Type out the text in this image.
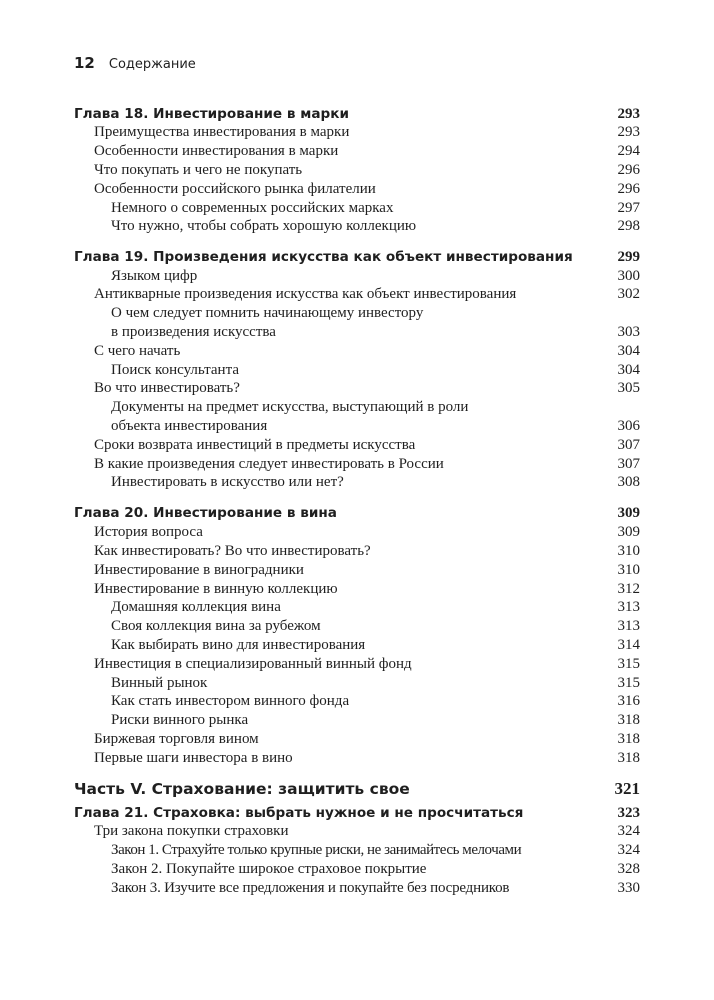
12 Содержание
Глава 18. Инвестирование в марки	293
Преимущества инвестирования в марки	293
Особенности инвестирования в марки	294
Что покупать и чего не покупать	296
Особенности российского рынка филателии	296
Немного о современных российских марках	297
Что нужно, чтобы собрать хорошую коллекцию	298
Глава 19. Произведения искусства как объект инвестирования	299
Языком цифр	300
Антикварные произведения искусства как объект инвестирования	302
О чем следует помнить начинающему инвестору
в произведения искусства	303
С чего начать	304
Поиск консультанта	304
Во что инвестировать?	305
Документы на предмет искусства, выступающий в роли
объекта инвестирования	306
Сроки возврата инвестиций в предметы искусства	307
В какие произведения следует инвестировать в России	307
Инвестировать в искусство или нет?	308
Глава 20. Инвестирование в вина	309
История вопроса	309
Как инвестировать? Во что инвестировать?	310
Инвестирование в виноградники	310
Инвестирование в винную коллекцию	312
Домашняя коллекция вина	313
Своя коллекция вина за рубежом	313
Как выбирать вино для инвестирования	314
Инвестиция в специализированный винный фонд	315
Винный рынок	315
Как стать инвестором винного фонда	316
Риски винного рынка	318
Биржевая торговля вином	318
Первые шаги инвестора в вино	318
Часть V. Страхование: защитить свое	321
Глава 21. Страховка: выбрать нужное и не просчитаться	323
Три закона покупки страховки	324
Закон 1. Страхуйте только крупные риски, не занимайтесь мелочами	324
Закон 2. Покупайте широкое страховое покрытие	328
Закон 3. Изучите все предложения и покупайте без посредников	330
